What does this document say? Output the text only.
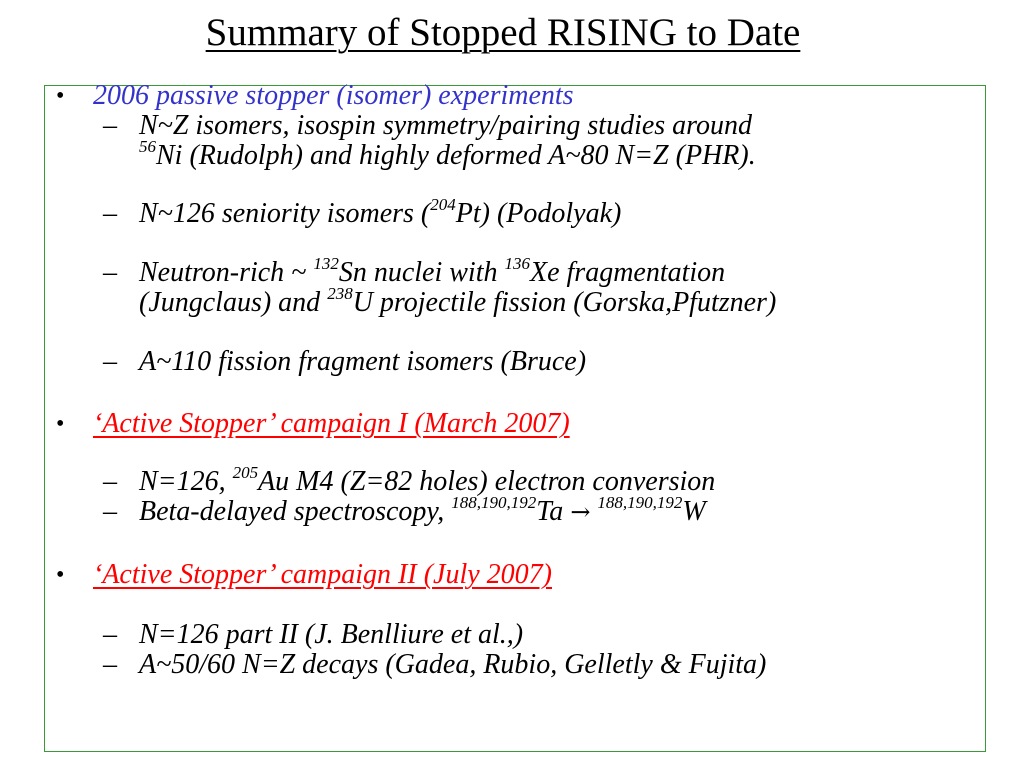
Summary of Stopped RISING to Date
• 2006 passive stopper (isomer) experiments
– N~Z isomers, isospin symmetry/pairing studies around
$^{56}$Ni (Rudolph) and highly deformed A~80 N=Z (PHR).
– N~126 seniority isomers ($^{204}$Pt) (Podolyak)
– Neutron-rich ~ $^{132}$Sn nuclei with $^{136}$Xe fragmentation
(Jungclaus) and $^{238}$U projectile fission (Gorska,Pfutzner)
– A~110 fission fragment isomers (Bruce)
• ‘Active Stopper’ campaign I (March 2007)
– N=126, $^{205}$Au M4 (Z=82 holes) electron conversion
– Beta-delayed spectroscopy, $^{188,190,192}$Ta → $^{188,190,192}$W
• ‘Active Stopper’ campaign II (July 2007)
– N=126 part II (J. Benlliure et al.,)
– A~50/60 N=Z decays (Gadea, Rubio, Gelletly & Fujita)
